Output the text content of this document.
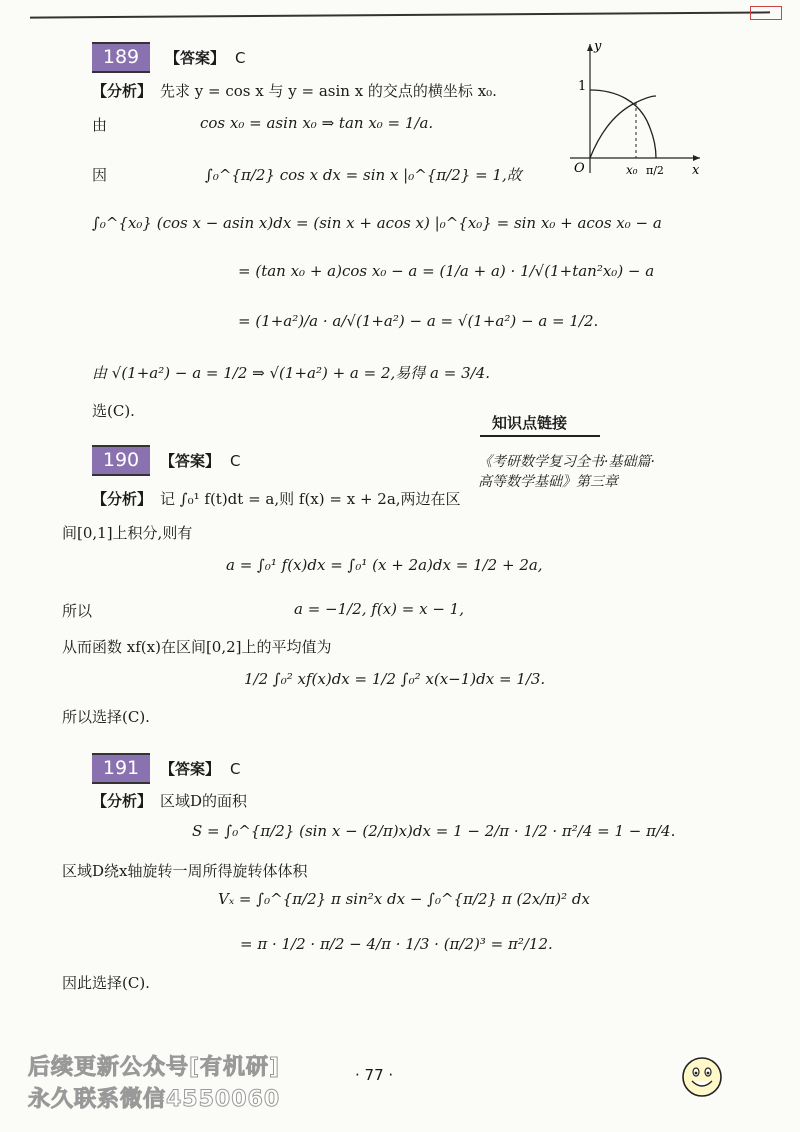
189	【答案】 C
【分析】 先求 y = cos x 与 y = asin x 的交点的横坐标 x₀.
由	cos x₀ = asin x₀ ⇒ tan x₀ = 1/a.
因	∫₀^{π/2} cos x dx = sin x |₀^{π/2} = 1,故
∫₀^{x₀} (cos x − asin x)dx = (sin x + acos x) |₀^{x₀} = sin x₀ + acos x₀ − a
= (tan x₀ + a)cos x₀ − a = (1/a + a) · 1/√(1+tan²x₀) − a
= (1+a²)/a · a/√(1+a²) − a = √(1+a²) − a = 1/2.
由 √(1+a²) − a = 1/2 ⇒ √(1+a²) + a = 2,易得 a = 3/4.
选(C).
y
x
O
1
x₀ π/2
知识点链接
《考研数学复习全书·基础篇·
高等数学基础》第三章
190	【答案】 C
【分析】 记 ∫₀¹ f(t)dt = a,则 f(x) = x + 2a,两边在区
间[0,1]上积分,则有
a = ∫₀¹ f(x)dx = ∫₀¹ (x + 2a)dx = 1/2 + 2a,
所以	a = −1/2, f(x) = x − 1,
从而函数 xf(x)在区间[0,2]上的平均值为
1/2 ∫₀² xf(x)dx = 1/2 ∫₀² x(x−1)dx = 1/3.
所以选择(C).
191	【答案】 C
【分析】 区域D的面积
S = ∫₀^{π/2} (sin x − (2/π)x)dx = 1 − 2/π · 1/2 · π²/4 = 1 − π/4.
区域D绕x轴旋转一周所得旋转体体积
Vₓ = ∫₀^{π/2} π sin²x dx − ∫₀^{π/2} π (2x/π)² dx
= π · 1/2 · π/2 − 4/π · 1/3 · (π/2)³ = π²/12.
因此选择(C).
· 77 ·
后续更新公众号[有机研]
永久联系微信4550060
